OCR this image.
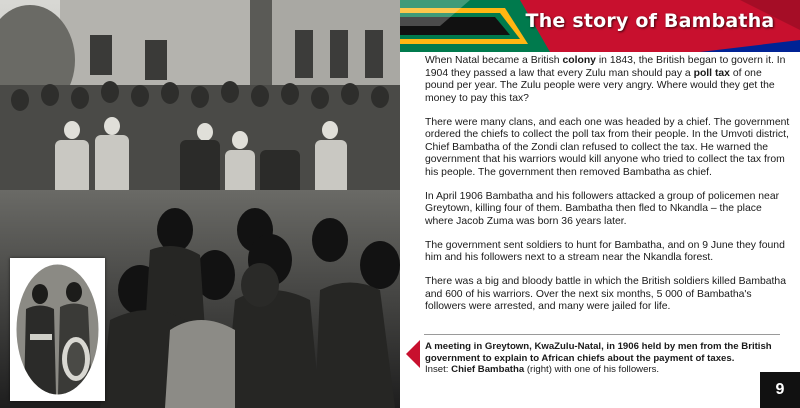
The story of Bambatha

When Natal became a British colony in 1843, the British began to govern it. In 1904 they passed a law that every Zulu man should pay a poll tax of one pound per year. The Zulu people were very angry. Where would they get the money to pay this tax?

There were many clans, and each one was headed by a chief. The government ordered the chiefs to collect the poll tax from their people. In the Umvoti district, Chief Bambatha of the Zondi clan refused to collect the tax. He warned the government that his warriors would kill anyone who tried to collect the tax from his people. The government then removed Bambatha as chief.

In April 1906 Bambatha and his followers attacked a group of policemen near Greytown, killing four of them. Bambatha then fled to Nkandla – the place where Jacob Zuma was born 36 years later.

The government sent soldiers to hunt for Bambatha, and on 9 June they found him and his followers next to a stream near the Nkandla forest.

There was a big and bloody battle in which the British soldiers killed Bambatha and 600 of his warriors. Over the next six months, 5 000 of Bambatha's followers were arrested, and many were jailed for life.

A meeting in Greytown, KwaZulu-Natal, in 1906 held by men from the British government to explain to African chiefs about the payment of taxes.
Inset: Chief Bambatha (right) with one of his followers.
9
